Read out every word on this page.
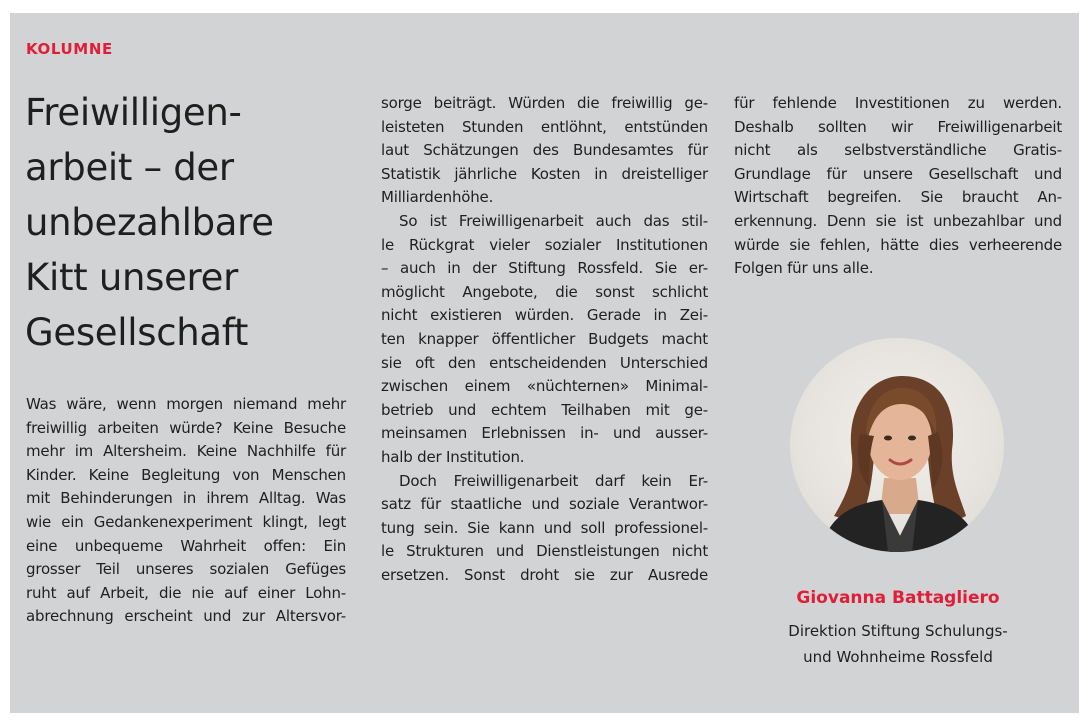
KOLUMNE

Freiwilligen-
arbeit – der
unbezahlbare
Kitt unserer
Gesellschaft

Was wäre, wenn morgen niemand mehr
freiwillig arbeiten würde? Keine Besuche
mehr im Altersheim. Keine Nachhilfe für
Kinder. Keine Begleitung von Menschen
mit Behinderungen in ihrem Alltag. Was
wie ein Gedankenexperiment klingt, legt
eine unbequeme Wahrheit offen: Ein
grosser Teil unseres sozialen Gefüges
ruht auf Arbeit, die nie auf einer Lohn-
abrechnung erscheint und zur Altersvor-

sorge beiträgt. Würden die freiwillig ge-
leisteten Stunden entlöhnt, entstünden
laut Schätzungen des Bundesamtes für
Statistik jährliche Kosten in dreistelliger
Milliardenhöhe.

So ist Freiwilligenarbeit auch das stil-
le Rückgrat vieler sozialer Institutionen
– auch in der Stiftung Rossfeld. Sie er-
möglicht Angebote, die sonst schlicht
nicht existieren würden. Gerade in Zei-
ten knapper öffentlicher Budgets macht
sie oft den entscheidenden Unterschied
zwischen einem «nüchternen» Minimal-
betrieb und echtem Teilhaben mit ge-
meinsamen Erlebnissen in- und ausser-
halb der Institution.

Doch Freiwilligenarbeit darf kein Er-
satz für staatliche und soziale Verantwor-
tung sein. Sie kann und soll professionel-
le Strukturen und Dienstleistungen nicht
ersetzen. Sonst droht sie zur Ausrede

für fehlende Investitionen zu werden.
Deshalb sollten wir Freiwilligenarbeit
nicht als selbstverständliche Gratis-
Grundlage für unsere Gesellschaft und
Wirtschaft begreifen. Sie braucht An-
erkennung. Denn sie ist unbezahlbar und
würde sie fehlen, hätte dies verheerende
Folgen für uns alle.

Giovanna Battagliero

Direktion Stiftung Schulungs-
und Wohnheime Rossfeld
